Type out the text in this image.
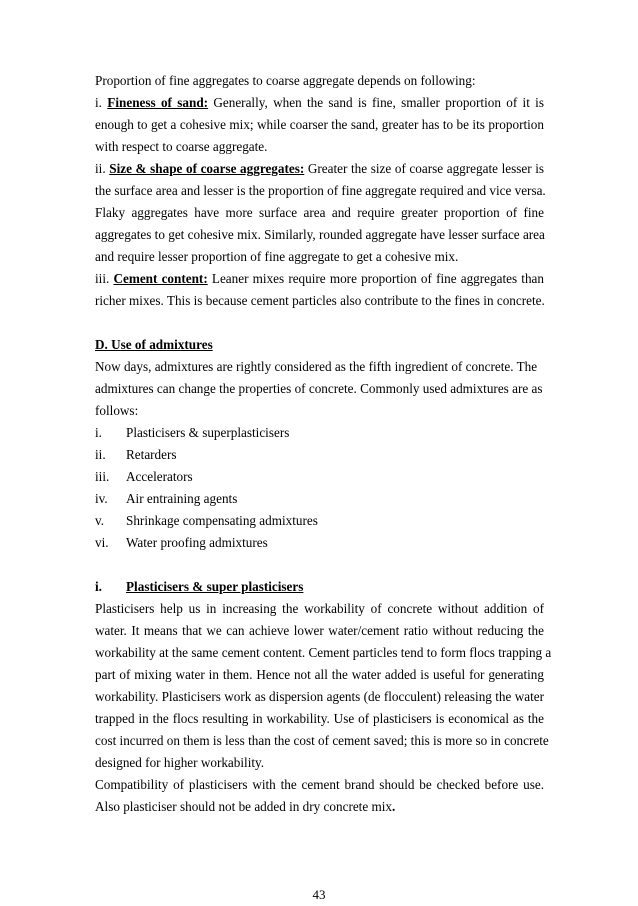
Proportion of fine aggregates to coarse aggregate depends on following:
i. Fineness of sand: Generally, when the sand is fine, smaller proportion of it is
enough to get a cohesive mix; while coarser the sand, greater has to be its proportion
with respect to coarse aggregate.
ii. Size & shape of coarse aggregates: Greater the size of coarse aggregate lesser is
the surface area and lesser is the proportion of fine aggregate required and vice versa.
Flaky aggregates have more surface area and require greater proportion of fine
aggregates to get cohesive mix. Similarly, rounded aggregate have lesser surface area
and require lesser proportion of fine aggregate to get a cohesive mix.
iii. Cement content: Leaner mixes require more proportion of fine aggregates than
richer mixes. This is because cement particles also contribute to the fines in concrete.
D. Use of admixtures
Now days, admixtures are rightly considered as the fifth ingredient of concrete. The
admixtures can change the properties of concrete. Commonly used admixtures are as
follows:
i. Plasticisers & superplasticisers
ii. Retarders
iii. Accelerators
iv. Air entraining agents
v. Shrinkage compensating admixtures
vi. Water proofing admixtures
i. Plasticisers & super plasticisers
Plasticisers help us in increasing the workability of concrete without addition of
water. It means that we can achieve lower water/cement ratio without reducing the
workability at the same cement content. Cement particles tend to form flocs trapping a
part of mixing water in them. Hence not all the water added is useful for generating
workability. Plasticisers work as dispersion agents (de flocculent) releasing the water
trapped in the flocs resulting in workability. Use of plasticisers is economical as the
cost incurred on them is less than the cost of cement saved; this is more so in concrete
designed for higher workability.
Compatibility of plasticisers with the cement brand should be checked before use.
Also plasticiser should not be added in dry concrete mix.
43
